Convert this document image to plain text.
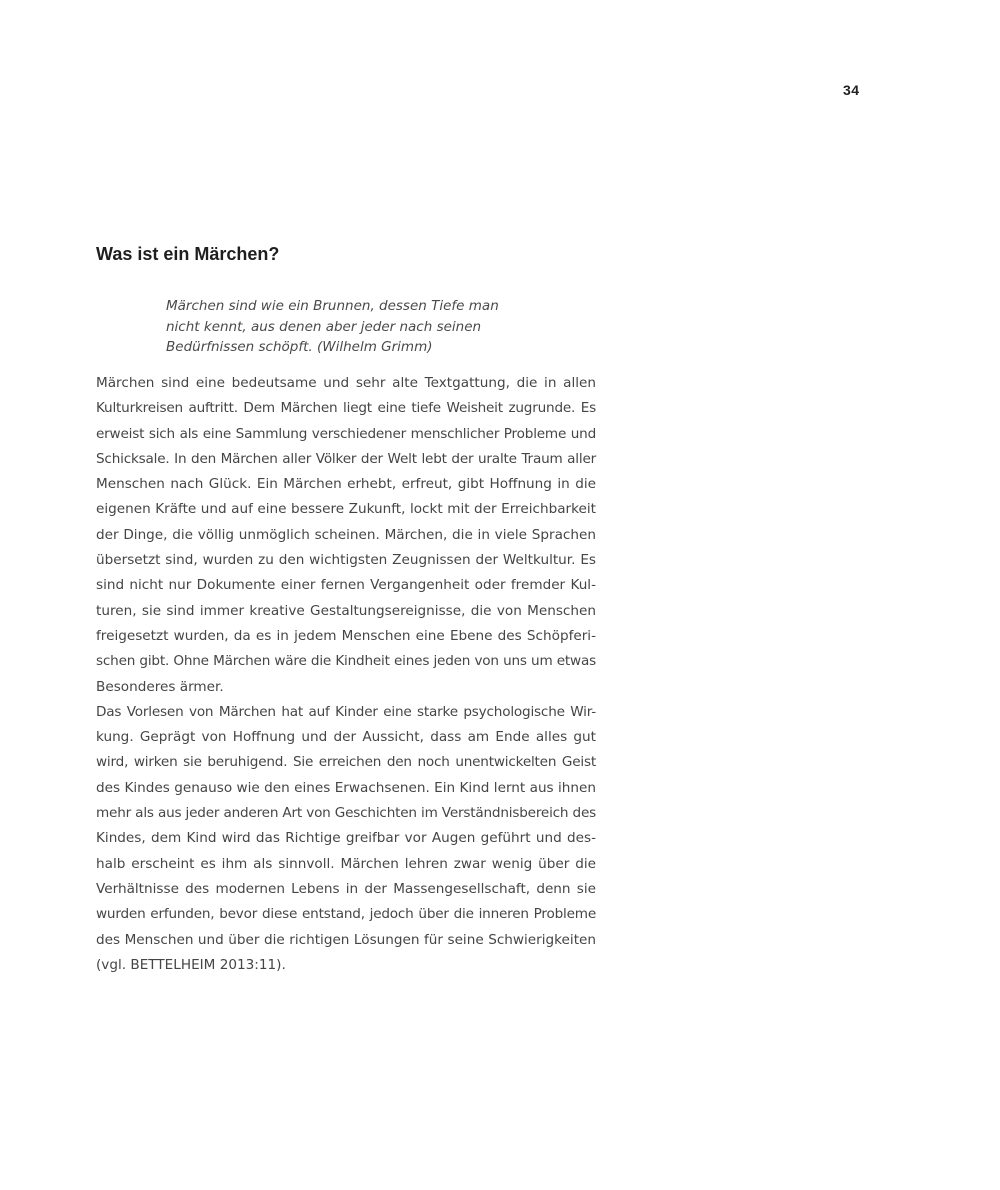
34
Was ist ein Märchen?
Märchen sind wie ein Brunnen, dessen Tiefe man
nicht kennt, aus denen aber jeder nach seinen
Bedürfnissen schöpft. (Wilhelm Grimm)
Märchen sind eine bedeutsame und sehr alte Textgattung, die in allen
Kulturkreisen auftritt. Dem Märchen liegt eine tiefe Weisheit zugrunde. Es
erweist sich als eine Sammlung verschiedener menschlicher Probleme und
Schicksale. In den Märchen aller Völker der Welt lebt der uralte Traum aller
Menschen nach Glück. Ein Märchen erhebt, erfreut, gibt Hoffnung in die
eigenen Kräfte und auf eine bessere Zukunft, lockt mit der Erreichbarkeit
der Dinge, die völlig unmöglich scheinen. Märchen, die in viele Sprachen
übersetzt sind, wurden zu den wichtigsten Zeugnissen der Weltkultur. Es
sind nicht nur Dokumente einer fernen Vergangenheit oder fremder Kul-
turen, sie sind immer kreative Gestaltungsereignisse, die von Menschen
freigesetzt wurden, da es in jedem Menschen eine Ebene des Schöpferi-
schen gibt. Ohne Märchen wäre die Kindheit eines jeden von uns um etwas
Besonderes ärmer.
Das Vorlesen von Märchen hat auf Kinder eine starke psychologische Wir-
kung. Geprägt von Hoffnung und der Aussicht, dass am Ende alles gut
wird, wirken sie beruhigend. Sie erreichen den noch unentwickelten Geist
des Kindes genauso wie den eines Erwachsenen. Ein Kind lernt aus ihnen
mehr als aus jeder anderen Art von Geschichten im Verständnisbereich des
Kindes, dem Kind wird das Richtige greifbar vor Augen geführt und des-
halb erscheint es ihm als sinnvoll. Märchen lehren zwar wenig über die
Verhältnisse des modernen Lebens in der Massengesellschaft, denn sie
wurden erfunden, bevor diese entstand, jedoch über die inneren Probleme
des Menschen und über die richtigen Lösungen für seine Schwierigkeiten
(vgl. BETTELHEIM 2013:11).
